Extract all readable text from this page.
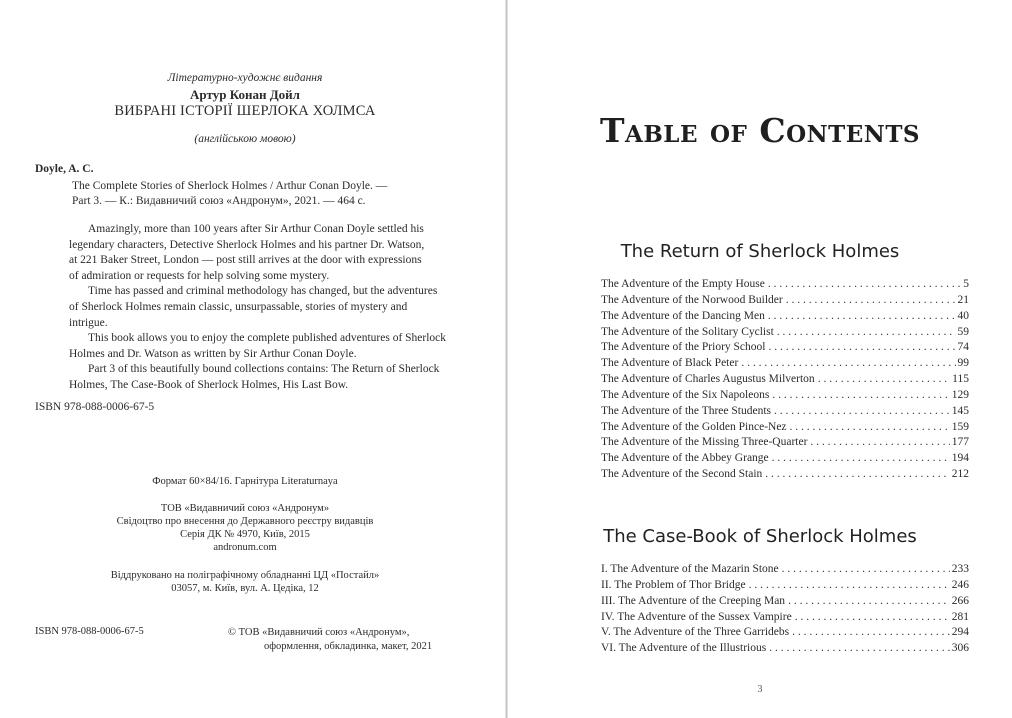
Літературно-художнє видання
Артур Конан Дойл
ВИБРАНІ ІСТОРІЇ ШЕРЛОКА ХОЛМСА
(англійською мовою)
Doyle, A. C.
The Complete Stories of Sherlock Holmes / Arthur Conan Doyle. —
Part 3. — К.: Видавничий союз «Андронум», 2021. — 464 с.

Amazingly, more than 100 years after Sir Arthur Conan Doyle settled his

legendary characters, Detective Sherlock Holmes and his partner Dr. Watson,

at 221 Baker Street, London — post still arrives at the door with expressions

of admiration or requests for help solving some mystery.

Time has passed and criminal methodology has changed, but the adventures

of Sherlock Holmes remain classic, unsurpassable, stories of mystery and

intrigue.

This book allows you to enjoy the complete published adventures of Sherlock

Holmes and Dr. Watson as written by Sir Arthur Conan Doyle.

Part 3 of this beautifully bound collections contains: The Return of Sherlock

Holmes, The Case-Book of Sherlock Holmes, His Last Bow.

ISBN 978-088-0006-67-5
Формат 60×84/16. Гарнітура Literaturnaya
ТОВ «Видавничий союз «Андронум»
Свідоцтво про внесення до Державного реєстру видавців
Серія ДК № 4970, Київ, 2015
andronum.com
Віддруковано на поліграфічному обладнанні ЦД «Постайл»
03057, м. Київ, вул. А. Цедіка, 12
ISBN 978-088-0006-67-5	© ТОВ «Видавничий союз «Андронум»,
оформлення, обкладинка, макет, 2021
Table of Contents
The Return of Sherlock Holmes
The Adventure of the Empty House . . .	5
The Adventure of the Norwood Builder . . .	21
The Adventure of the Dancing Men . . .	40
The Adventure of the Solitary Cyclist . . .	59
The Adventure of the Priory School . . .	74
The Adventure of Black Peter . . .	99
The Adventure of Charles Augustus Milverton . . .	115
The Adventure of the Six Napoleons . . .	129
The Adventure of the Three Students . . .	145
The Adventure of the Golden Pince-Nez . . .	159
The Adventure of the Missing Three-Quarter . . .	177
The Adventure of the Abbey Grange . . .	194
The Adventure of the Second Stain . . .	212
The Case-Book of Sherlock Holmes
I. The Adventure of the Mazarin Stone . . .	233
II. The Problem of Thor Bridge . . .	246
III. The Adventure of the Creeping Man . . .	266
IV. The Adventure of the Sussex Vampire . . .	281
V. The Adventure of the Three Garridebs . . .	294
VI. The Adventure of the Illustrious . . .	306
3
